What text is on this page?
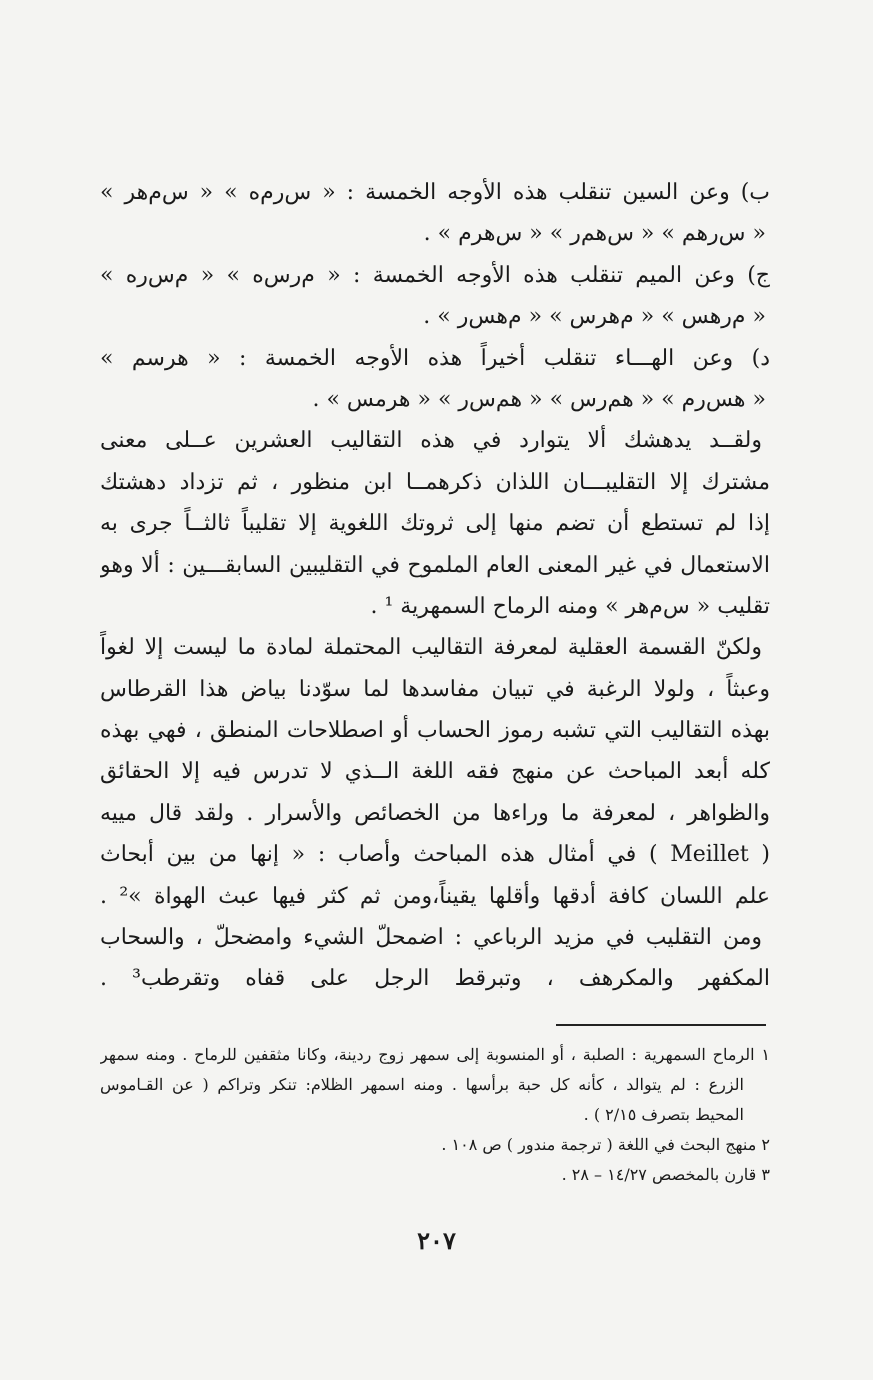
ب) وعن السين تنقلب هذه الأوجه الخمسة : « س‌رم‌ه » « س‌م‌هر »
« س‌رهم » « س‌هم‌ر » « س‌هرم » .
ج) وعن الميم تنقلب هذه الأوجه الخمسة : « م‌رس‌ه » « م‌س‌ره »
« م‌رهس » « م‌هرس » « م‌هس‌ر » .
د) وعن الهـــاء تنقلب أخيراً هذه الأوجه الخمسة : « هرسم »
« هس‌رم » « هم‌رس » « هم‌س‌ر » « هرمس » .
ولقــد يدهشك ألا يتوارد في هذه التقاليب العشرين عــلى معنى
مشترك إلا التقليبـــان اللذان ذكرهمــا ابن منظور ، ثم تزداد دهشتك
إذا لم تستطع أن تضم منها إلى ثروتك اللغوية إلا تقليباً ثالثــاً جرى به
الاستعمال في غير المعنى العام الملموح في التقليبين السابقـــين : ألا وهو
تقليب « س‌م‌هر » ومنه الرماح السمهرية ¹ .
ولكنّ القسمة العقلية لمعرفة التقاليب المحتملة لمادة ما ليست إلا لغواً
وعبثاً ، ولولا الرغبة في تبيان مفاسدها لما سوّدنا بياض هذا القرطاس
بهذه التقاليب التي تشبه رموز الحساب أو اصطلاحات المنطق ، فهي بهذه
كله أبعد المباحث عن منهج فقه اللغة الــذي لا تدرس فيه إلا الحقائق
والظواهر ، لمعرفة ما وراءها من الخصائص والأسرار . ولقد قال مييه
( Meillet ) في أمثال هذه المباحث وأصاب : « إنها من بين أبحاث
علم اللسان كافة أدقها وأقلها يقيناً،ومن ثم كثر فيها عبث الهواة »² .
ومن التقليب في مزيد الرباعي : اضمحلّ الشيء وامضحلّ ، والسحاب
المكفهر والمكرهف ، وتبرقط الرجل على قفاه وتقرطب³ .
١ الرماح السمهرية : الصلبة ، أو المنسوبة إلى سمهر زوج ردينة، وكانا مثقفين للرماح . ومنه سمهر
الزرع : لم يتوالد ، كأنه كل حبة برأسها . ومنه اسمهر الظلام: تنكر وتراكم ( عن القـاموس
المحيط بتصرف ٢/١٥ ) .
٢ منهج البحث في اللغة ( ترجمة مندور ) ص ١٠٨ .
٣ قارن بالمخصص ١٤/٢٧ – ٢٨ .
٢٠٧
